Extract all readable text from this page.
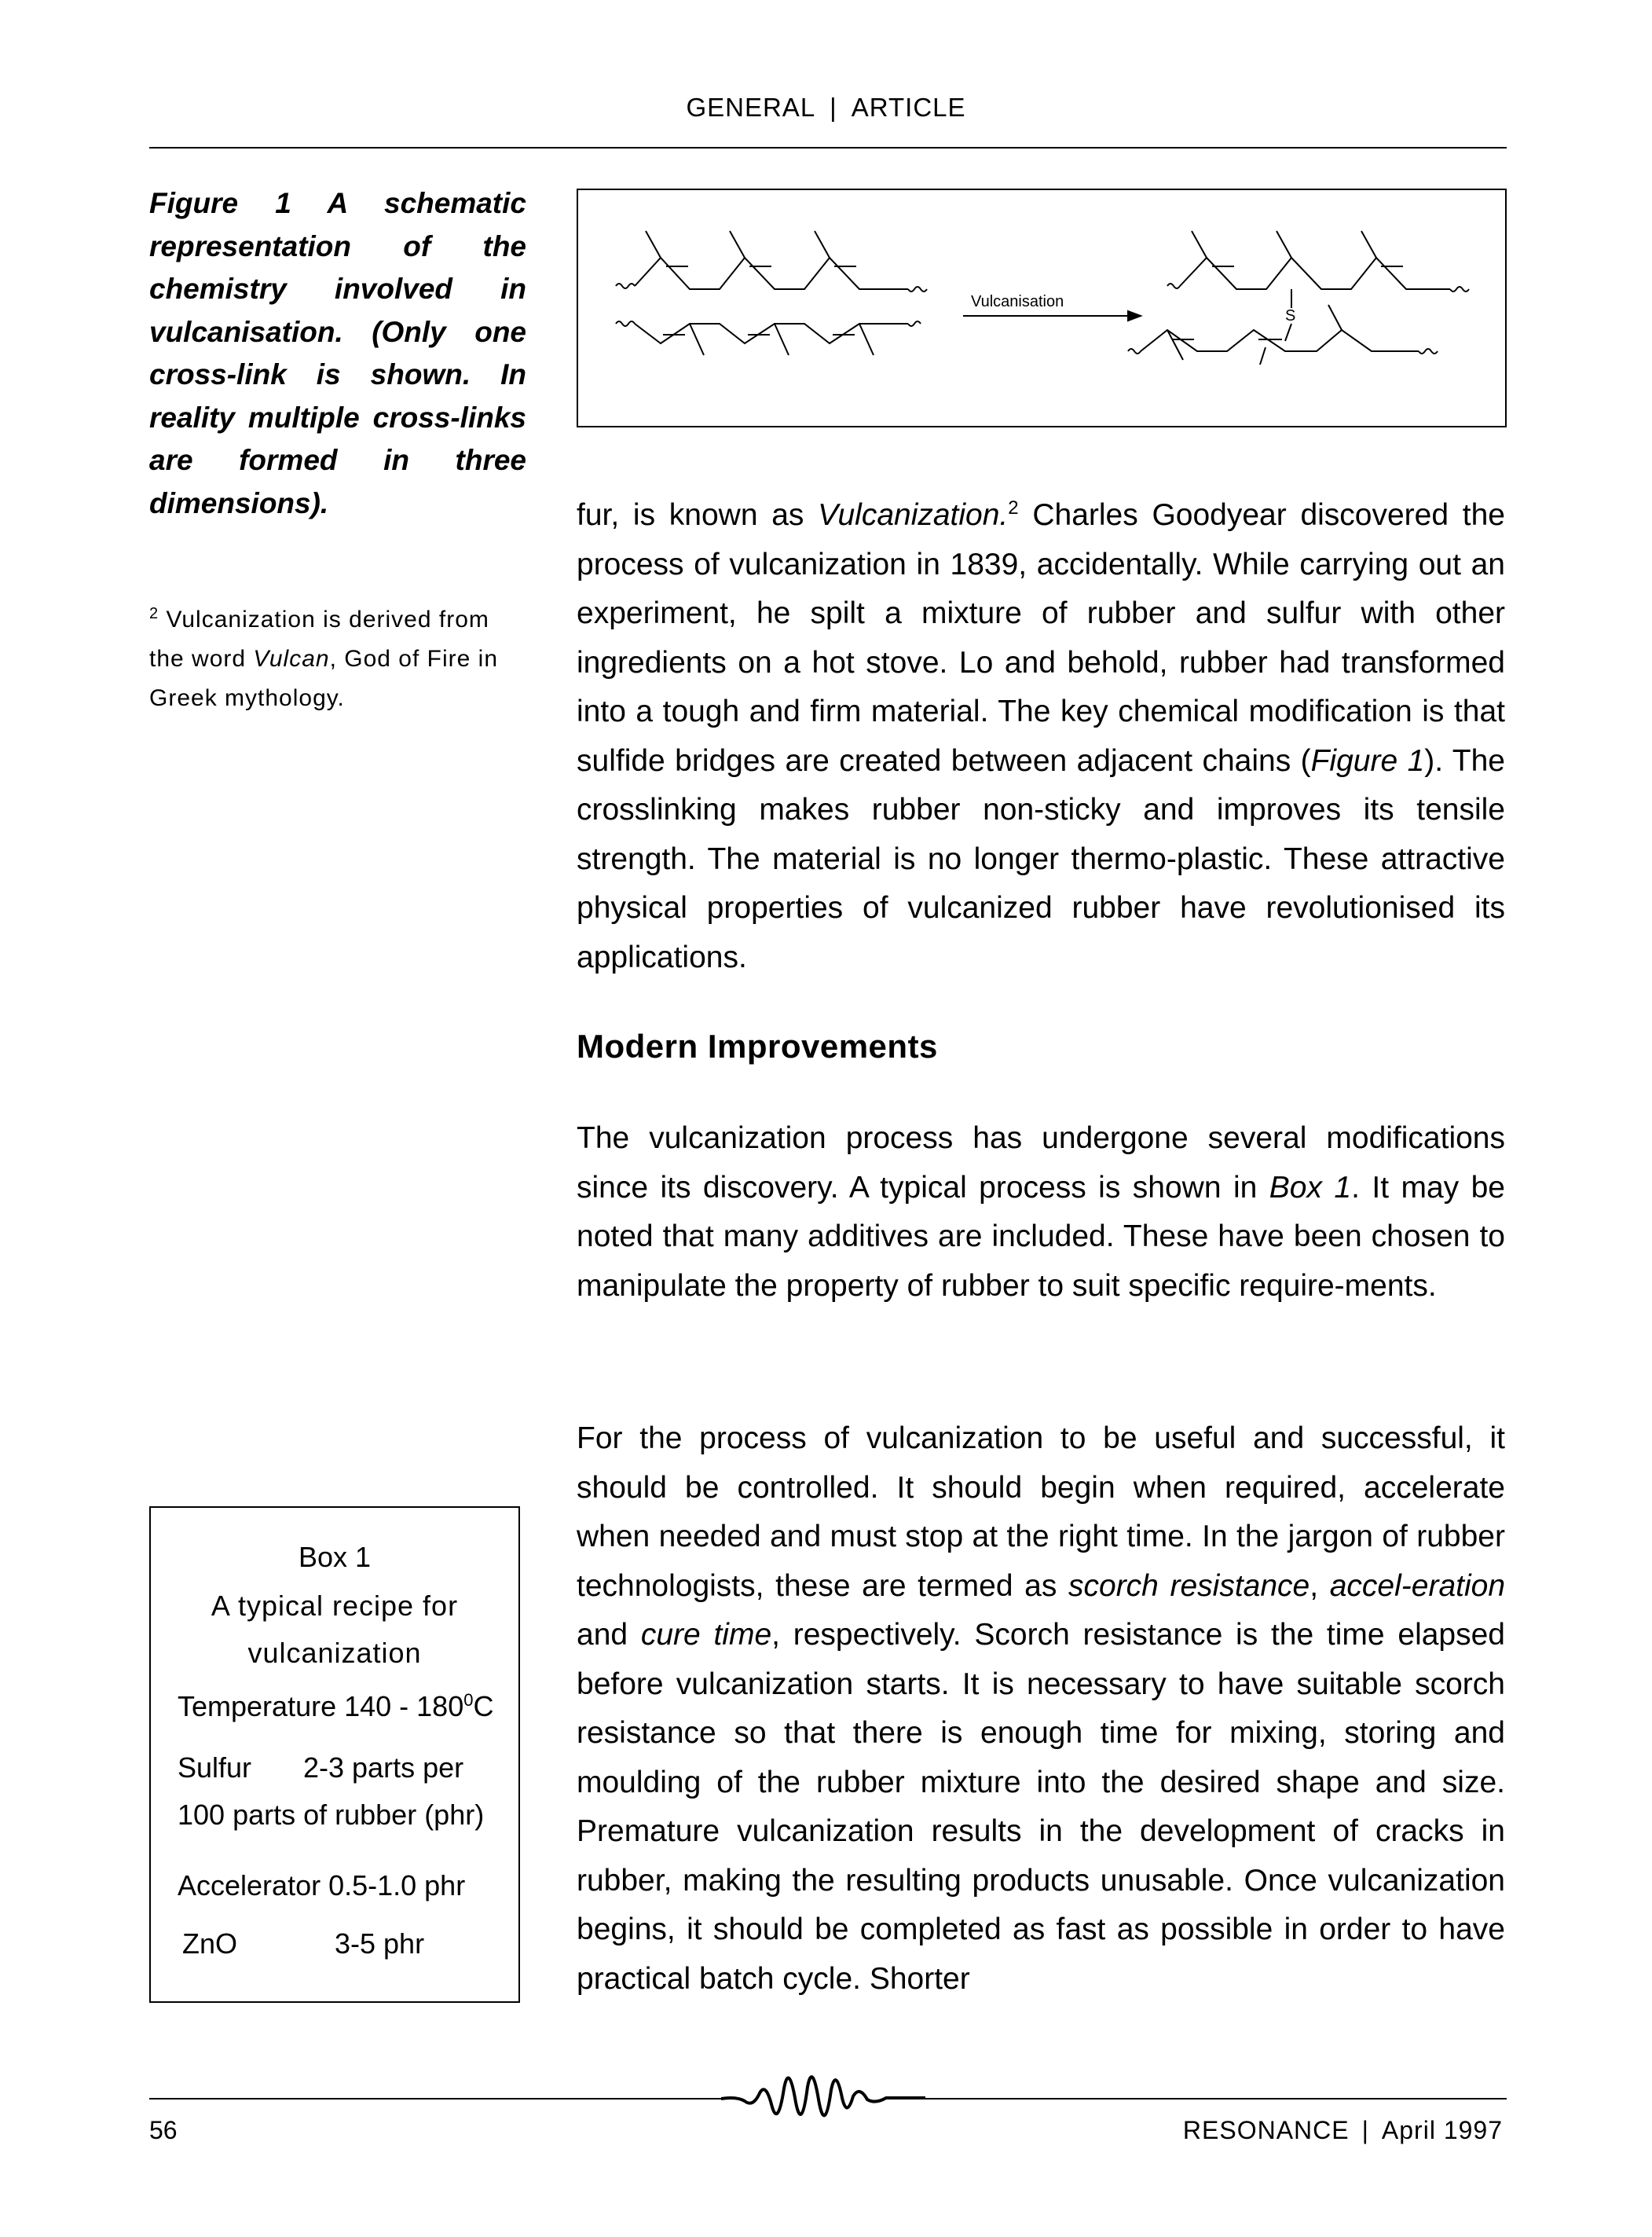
GENERAL | ARTICLE
Figure 1 A schematic representation of the chemistry involved in vulcanisation. (Only one cross-link is shown. In reality multiple cross-links are formed in three dimensions).
$^2$ Vulcanization is derived from the word Vulcan, God of Fire in Greek mythology.
Vulcanisation
S

fur, is known as Vulcanization.$^2$ Charles Goodyear discovered the process of vulcanization in 1839, accidentally. While carrying out an experiment, he spilt a mixture of rubber and sulfur with other ingredients on a hot stove. Lo and behold, rubber had transformed into a tough and firm material. The key chemical modification is that sulfide bridges are created between adjacent chains (Figure 1). The crosslinking makes rubber non-sticky and improves its tensile strength. The material is no longer thermo-plastic. These attractive physical properties of vulcanized rubber have revolutionised its applications.

Modern Improvements

The vulcanization process has undergone several modifications since its discovery. A typical process is shown in Box 1. It may be noted that many additives are included. These have been chosen to manipulate the property of rubber to suit specific require-ments.

For the process of vulcanization to be useful and successful, it should be controlled. It should begin when required, accelerate when needed and must stop at the right time. In the jargon of rubber technologists, these are termed as scorch resistance, accel-eration and cure time, respectively. Scorch resistance is the time elapsed before vulcanization starts. It is necessary to have suitable scorch resistance so that there is enough time for mixing, storing and moulding of the rubber mixture into the desired shape and size. Premature vulcanization results in the development of cracks in rubber, making the resulting products unusable. Once vulcanization begins, it should be completed as fast as possible in order to have practical batch cycle. Shorter

Box 1
A typical recipe for
vulcanization
Temperature $140 - 180^0C$
Sulfur 2-3 parts per
100 parts of rubber (phr)
Accelerator 0.5-1.0 phr
ZnO	3-5 phr
56	RESONANCE | April 1997
